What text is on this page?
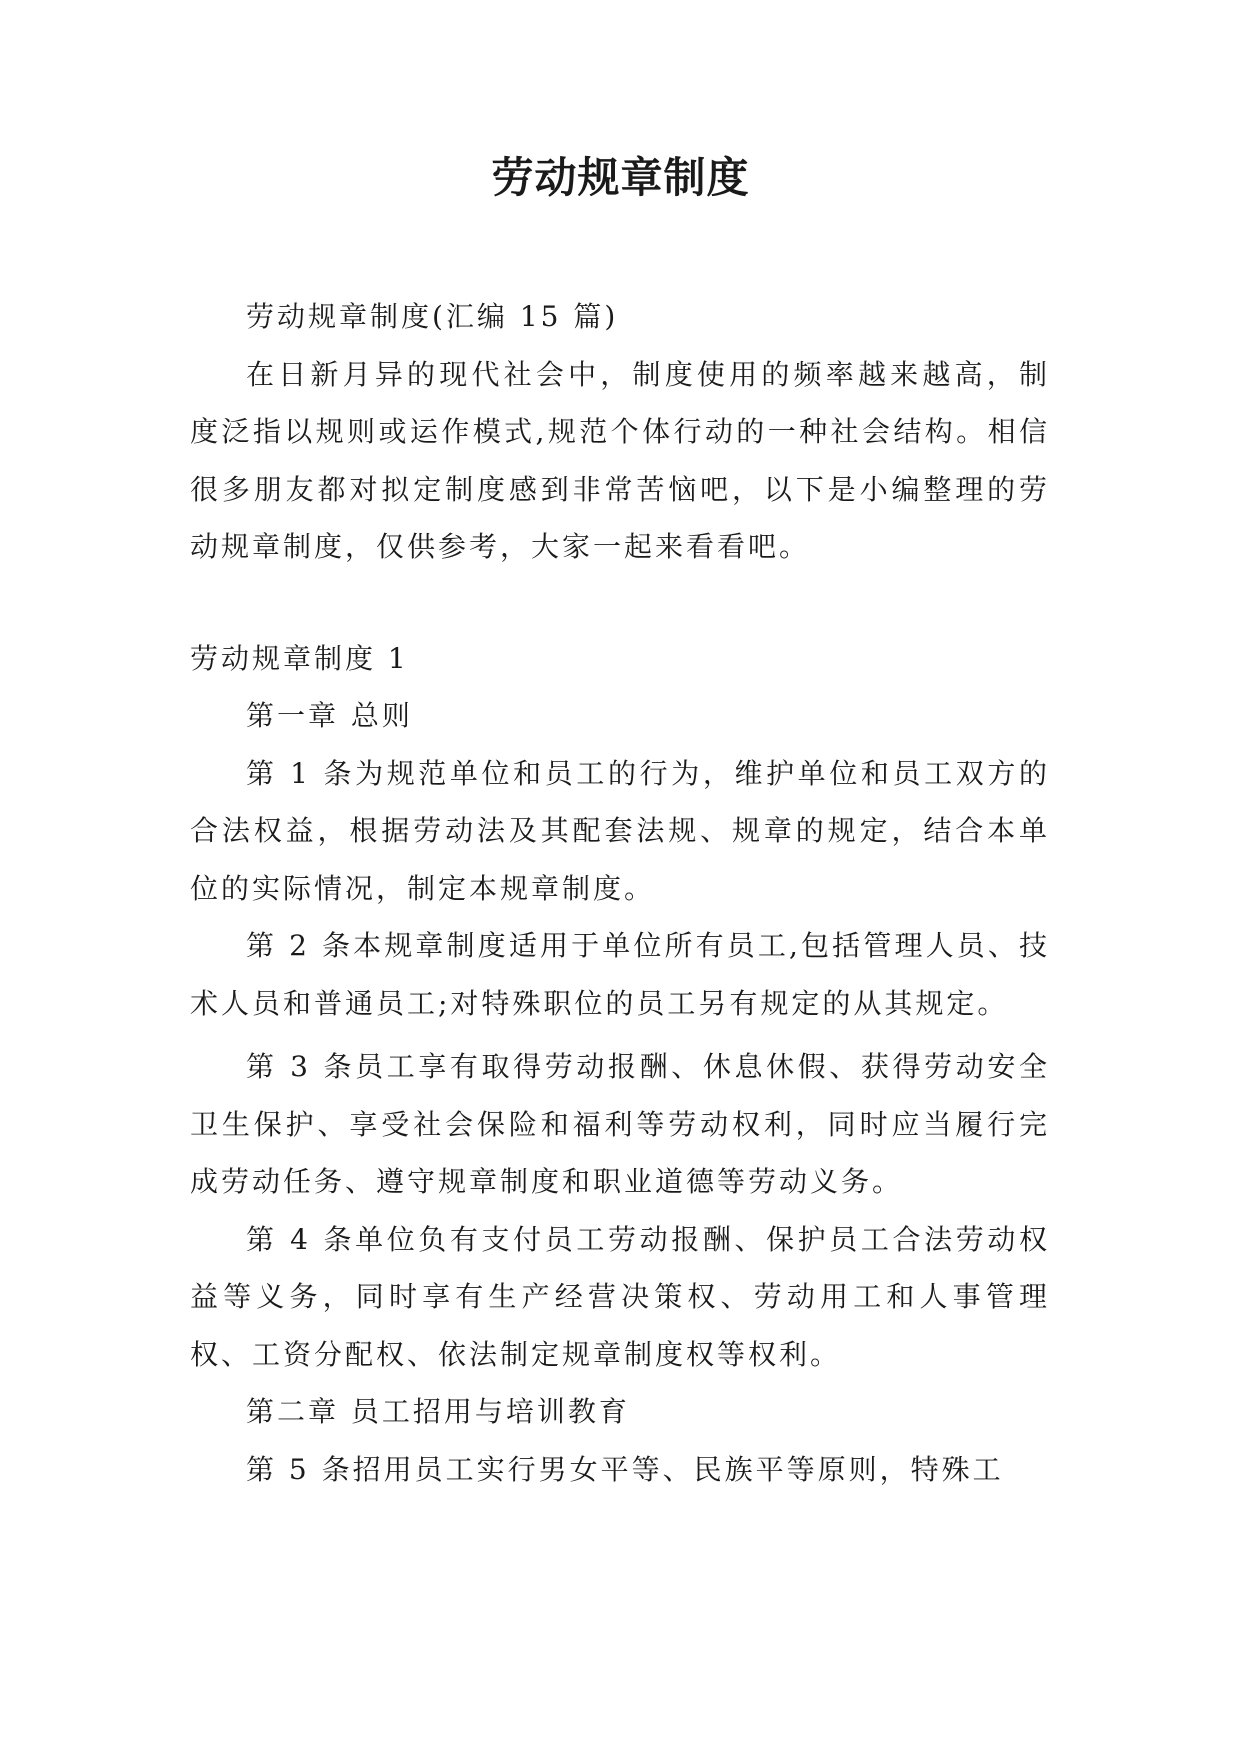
劳动规章制度

劳动规章制度(汇编 15 篇)

在日新月异的现代社会中，制度使用的频率越来越高，制度泛指以规则或运作模式,规范个体行动的一种社会结构。相信很多朋友都对拟定制度感到非常苦恼吧，以下是小编整理的劳动规章制度，仅供参考，大家一起来看看吧。

劳动规章制度 1

第一章 总则

第 1 条为规范单位和员工的行为，维护单位和员工双方的合法权益，根据劳动法及其配套法规、规章的规定，结合本单位的实际情况，制定本规章制度。

第 2 条本规章制度适用于单位所有员工,包括管理人员、技术人员和普通员工;对特殊职位的员工另有规定的从其规定。

第 3 条员工享有取得劳动报酬、休息休假、获得劳动安全卫生保护、享受社会保险和福利等劳动权利，同时应当履行完成劳动任务、遵守规章制度和职业道德等劳动义务。

第 4 条单位负有支付员工劳动报酬、保护员工合法劳动权益等义务，同时享有生产经营决策权、劳动用工和人事管理权、工资分配权、依法制定规章制度权等权利。

第二章 员工招用与培训教育

第 5 条招用员工实行男女平等、民族平等原则，特殊工
